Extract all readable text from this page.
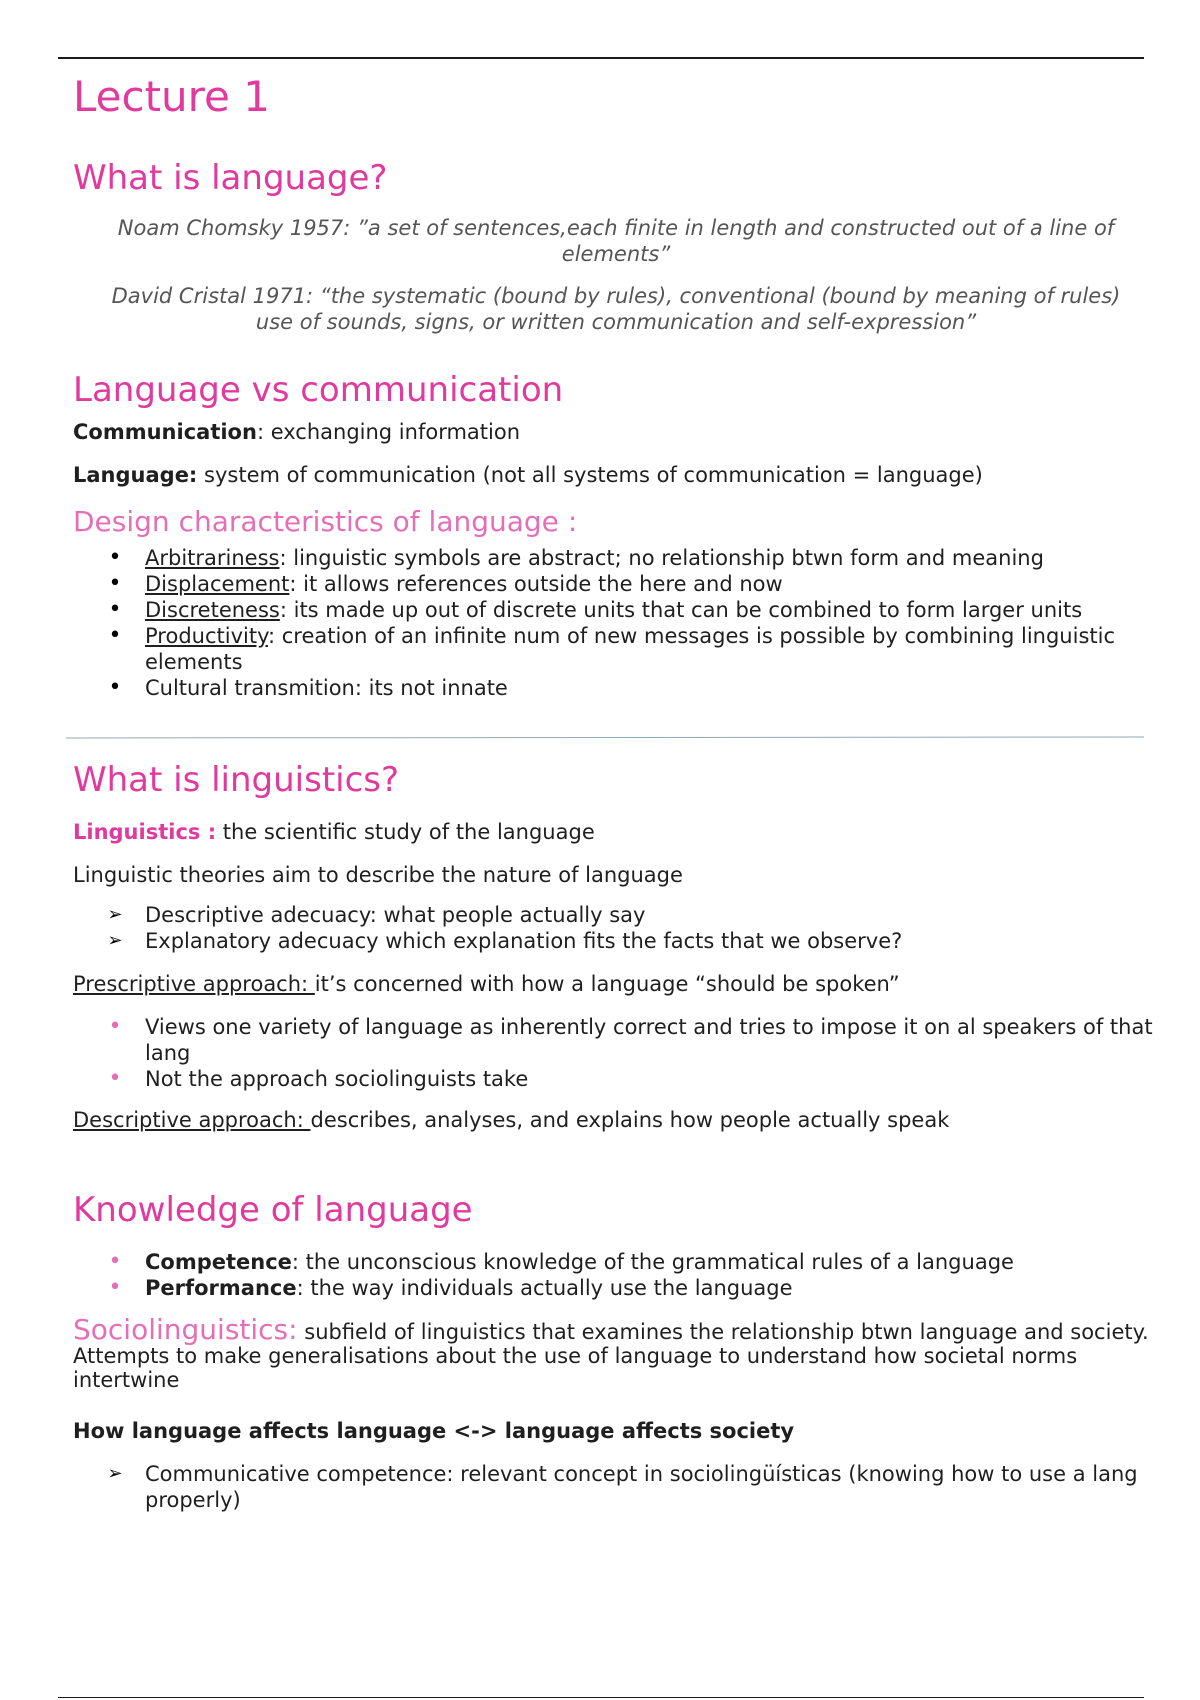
Lecture 1
What is language?
Noam Chomsky 1957: ”a set of sentences,each finite in length and constructed out of a line of
elements”
David Cristal 1971: “the systematic (bound by rules), conventional (bound by meaning of rules)
use of sounds, signs, or written communication and self-expression”
Language vs communication

Communication: exchanging information

Language: system of communication (not all systems of communication = language)

Design characteristics of language :
• Arbitrariness: linguistic symbols are abstract; no relationship btwn form and meaning
• Displacement: it allows references outside the here and now
• Discreteness: its made up out of discrete units that can be combined to form larger units
• Productivity: creation of an infinite num of new messages is possible by combining linguistic elements
• Cultural transmition: its not innate
What is linguistics?

Linguistics : the scientific study of the language

Linguistic theories aim to describe the nature of language

➢ Descriptive adecuacy: what people actually say
➢ Explanatory adecuacy which explanation fits the facts that we observe?

Prescriptive approach: it’s concerned with how a language “should be spoken”

• Views one variety of language as inherently correct and tries to impose it on al speakers of that lang
• Not the approach sociolinguists take

Descriptive approach: describes, analyses, and explains how people actually speak

Knowledge of language
• Competence: the unconscious knowledge of the grammatical rules of a language
• Performance: the way individuals actually use the language

Sociolinguistics: subfield of linguistics that examines the relationship btwn language and society. Attempts to make generalisations about the use of language to understand how societal norms intertwine

How language affects language <-> language affects society

➢ Communicative competence: relevant concept in sociolingüísticas (knowing how to use a lang properly)
